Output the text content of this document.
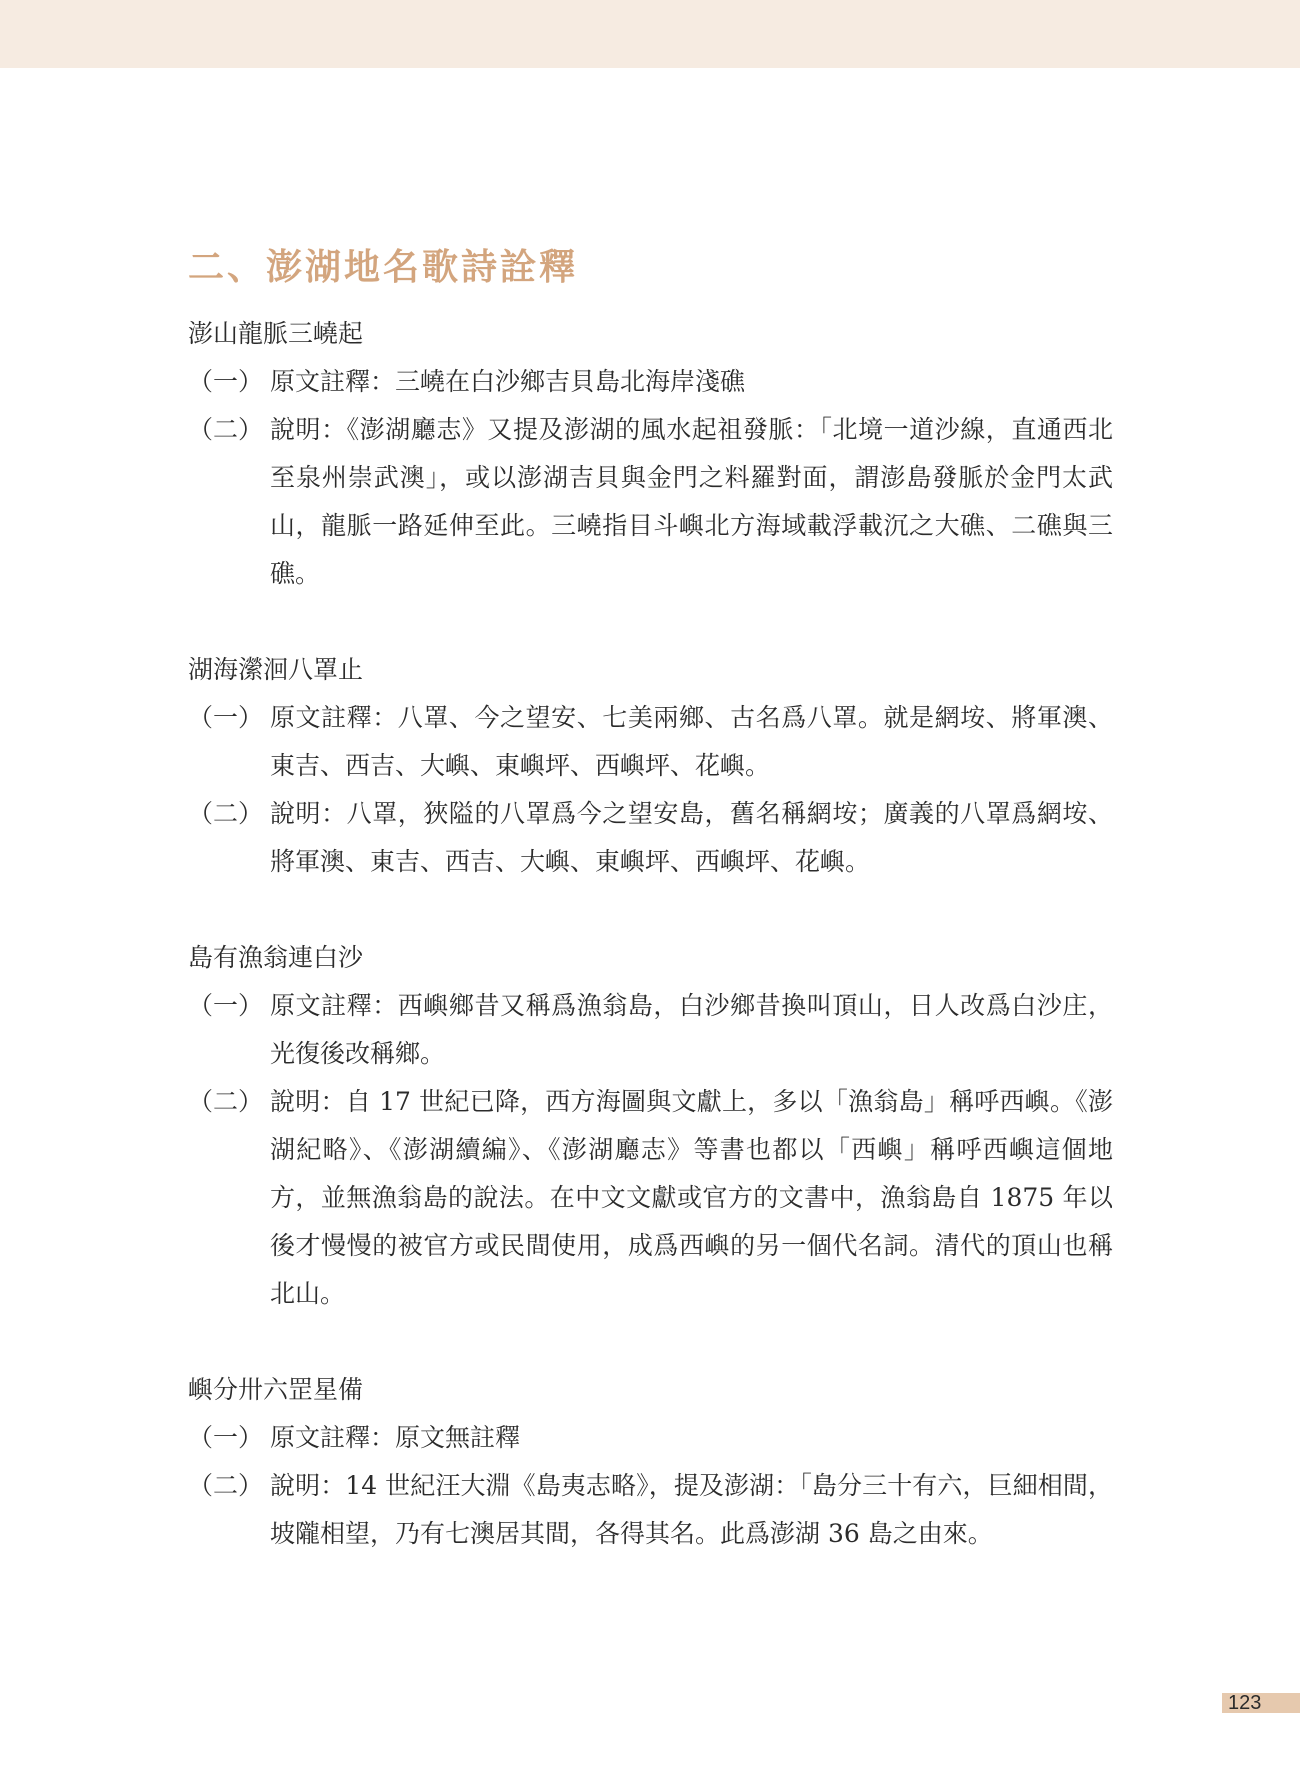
二、澎湖地名歌詩詮釋

澎山龍脈三嶢起

（一） 原文註釋：三嶢在白沙鄉吉貝島北海岸淺礁

（二） 說明：《澎湖廳志》又提及澎湖的風水起祖發脈：「北境一道沙線，直通西北至泉州崇武澳」，或以澎湖吉貝與金門之料羅對面，謂澎島發脈於金門太武山，龍脈一路延伸至此。三嶢指目斗嶼北方海域載浮載沉之大礁、二礁與三礁。

湖海瀠洄八罩止

（一） 原文註釋：八罩、今之望安、七美兩鄉、古名爲八罩。就是網垵、將軍澳、東吉、西吉、大嶼、東嶼坪、西嶼坪、花嶼。

（二） 說明：八罩，狹隘的八罩爲今之望安島，舊名稱網垵；廣義的八罩爲網垵、將軍澳、東吉、西吉、大嶼、東嶼坪、西嶼坪、花嶼。

島有漁翁連白沙

（一） 原文註釋：西嶼鄉昔又稱爲漁翁島，白沙鄉昔換叫頂山，日人改爲白沙庄，光復後改稱鄉。

（二） 說明：自 17 世紀已降，西方海圖與文獻上，多以「漁翁島」稱呼西嶼。《澎湖紀略》、《澎湖續編》、《澎湖廳志》等書也都以「西嶼」稱呼西嶼這個地方，並無漁翁島的說法。在中文文獻或官方的文書中，漁翁島自 1875 年以後才慢慢的被官方或民間使用，成爲西嶼的另一個代名詞。清代的頂山也稱北山。

嶼分卅六罡星備

（一） 原文註釋：原文無註釋

（二） 說明：14 世紀汪大淵《島夷志略》，提及澎湖：「島分三十有六，巨細相間，坡隴相望，乃有七澳居其間，各得其名。此爲澎湖 36 島之由來。

123
